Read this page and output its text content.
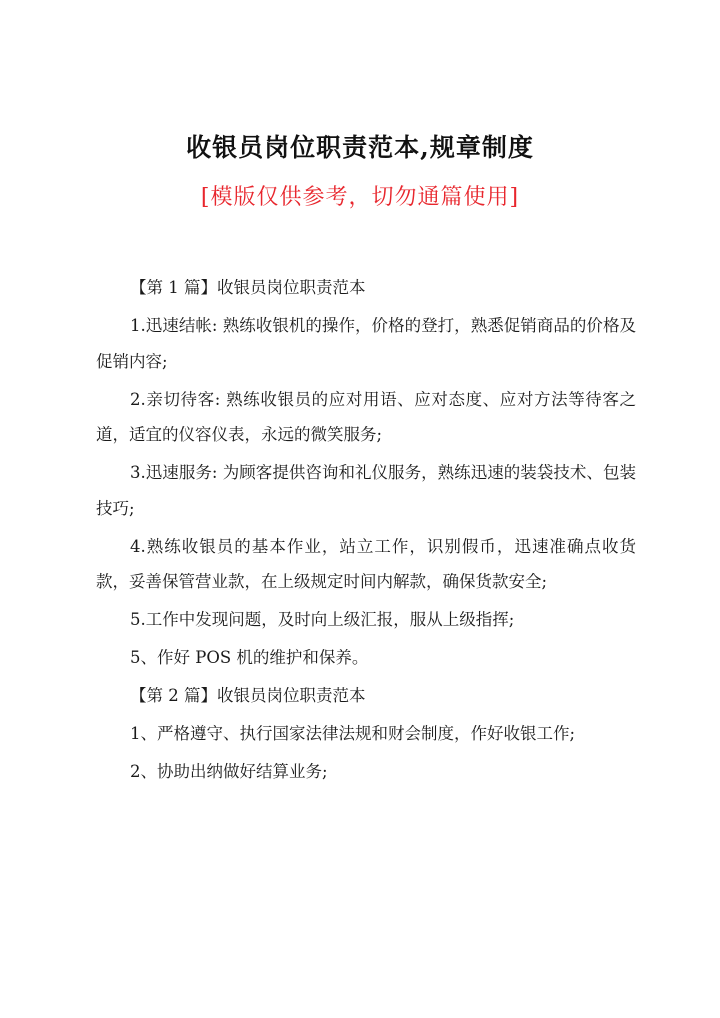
收银员岗位职责范本,规章制度
[模版仅供参考，切勿通篇使用]

【第 1 篇】收银员岗位职责范本

1.迅速结帐: 熟练收银机的操作，价格的登打，熟悉促销商品的价格及促销内容;

2.亲切待客: 熟练收银员的应对用语、应对态度、应对方法等待客之道，适宜的仪容仪表，永远的微笑服务;

3.迅速服务: 为顾客提供咨询和礼仪服务，熟练迅速的装袋技术、包装技巧;

4.熟练收银员的基本作业，站立工作，识别假币，迅速准确点收货款，妥善保管营业款，在上级规定时间内解款，确保货款安全;

5.工作中发现问题，及时向上级汇报，服从上级指挥;

5、作好 POS 机的维护和保养。

【第 2 篇】收银员岗位职责范本

1、严格遵守、执行国家法律法规和财会制度，作好收银工作;

2、协助出纳做好结算业务;
